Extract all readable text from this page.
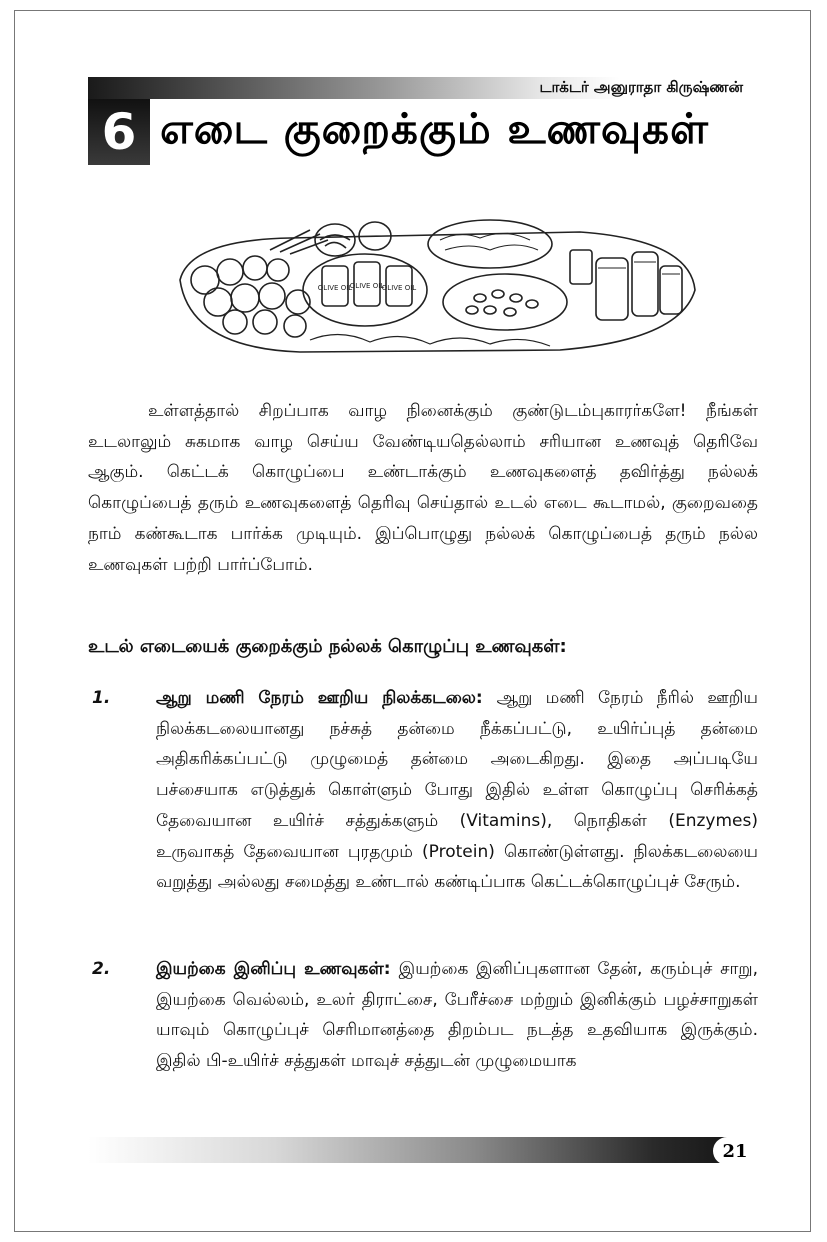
டாக்டர் அனுராதா கிருஷ்ணன்
6 எடை குறைக்கும் உணவுகள்
OLIVE OIL
OLIVE OIL
OLIVE OIL
உள்ளத்தால் சிறப்பாக வாழ நினைக்கும் குண்டுடம்புகாரர்களே! நீங்கள் உடலாலும் சுகமாக வாழ செய்ய வேண்டியதெல்லாம் சரியான உணவுத் தெரிவே ஆகும். கெட்டக் கொழுப்பை உண்டாக்கும் உணவுகளைத் தவிர்த்து நல்லக் கொழுப்பைத் தரும் உணவுகளைத் தெரிவு செய்தால் உடல் எடை கூடாமல், குறைவதை நாம் கண்கூடாக பார்க்க முடியும். இப்பொழுது நல்லக் கொழுப்பைத் தரும் நல்ல உணவுகள் பற்றி பார்ப்போம்.
உடல் எடையைக் குறைக்கும் நல்லக் கொழுப்பு உணவுகள்:
1.	ஆறு மணி நேரம் ஊறிய நிலக்கடலை: ஆறு மணி நேரம் நீரில் ஊறிய நிலக்கடலையானது நச்சுத் தன்மை நீக்கப்பட்டு, உயிர்ப்புத் தன்மை அதிகரிக்கப்பட்டு முழுமைத் தன்மை அடைகிறது. இதை அப்படியே பச்சையாக எடுத்துக் கொள்ளும் போது இதில் உள்ள கொழுப்பு செரிக்கத் தேவையான உயிர்ச் சத்துக்களும் (Vitamins), நொதிகள் (Enzymes) உருவாகத் தேவையான புரதமும் (Protein) கொண்டுள்ளது. நிலக்கடலையை வறுத்து அல்லது சமைத்து உண்டால் கண்டிப்பாக கெட்டக்கொழுப்புச் சேரும்.
2.	இயற்கை இனிப்பு உணவுகள்: இயற்கை இனிப்புகளான தேன், கரும்புச் சாறு, இயற்கை வெல்லம், உலர் திராட்சை, பேரீச்சை மற்றும் இனிக்கும் பழச்சாறுகள் யாவும் கொழுப்புச் செரிமானத்தை திறம்பட நடத்த உதவியாக இருக்கும். இதில் பி-உயிர்ச் சத்துகள் மாவுச் சத்துடன் முழுமையாக
21
